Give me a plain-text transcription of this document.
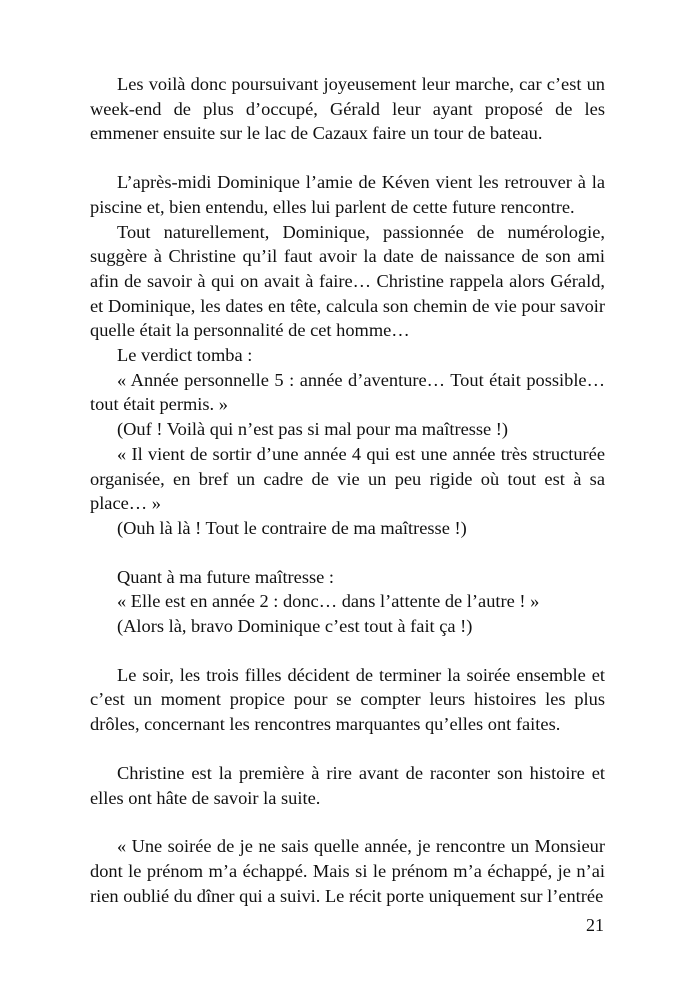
Les voilà donc poursuivant joyeusement leur marche, car c’est un week-end de plus d’occupé, Gérald leur ayant proposé de les emmener ensuite sur le lac de Cazaux faire un tour de bateau.

L’après-midi Dominique l’amie de Kéven vient les retrouver à la piscine et, bien entendu, elles lui parlent de cette future rencontre.

Tout naturellement, Dominique, passionnée de numérologie, suggère à Christine qu’il faut avoir la date de naissance de son ami afin de savoir à qui on avait à faire… Christine rappela alors Gérald, et Dominique, les dates en tête, calcula son chemin de vie pour savoir quelle était la personnalité de cet homme…

Le verdict tomba :

« Année personnelle 5 : année d’aventure… Tout était possible… tout était permis. »

(Ouf ! Voilà qui n’est pas si mal pour ma maîtresse !)

« Il vient de sortir d’une année 4 qui est une année très structurée organisée, en bref un cadre de vie un peu rigide où tout est à sa place… »

(Ouh là là ! Tout le contraire de ma maîtresse !)

Quant à ma future maîtresse :

« Elle est en année 2 : donc… dans l’attente de l’autre ! »

(Alors là, bravo Dominique c’est tout à fait ça !)

Le soir, les trois filles décident de terminer la soirée ensemble et c’est un moment propice pour se compter leurs histoires les plus drôles, concernant les rencontres marquantes qu’elles ont faites.

Christine est la première à rire avant de raconter son histoire et elles ont hâte de savoir la suite.

« Une soirée de je ne sais quelle année, je rencontre un Monsieur dont le prénom m’a échappé. Mais si le prénom m’a échappé, je n’ai rien oublié du dîner qui a suivi. Le récit porte uniquement sur l’entrée

21
